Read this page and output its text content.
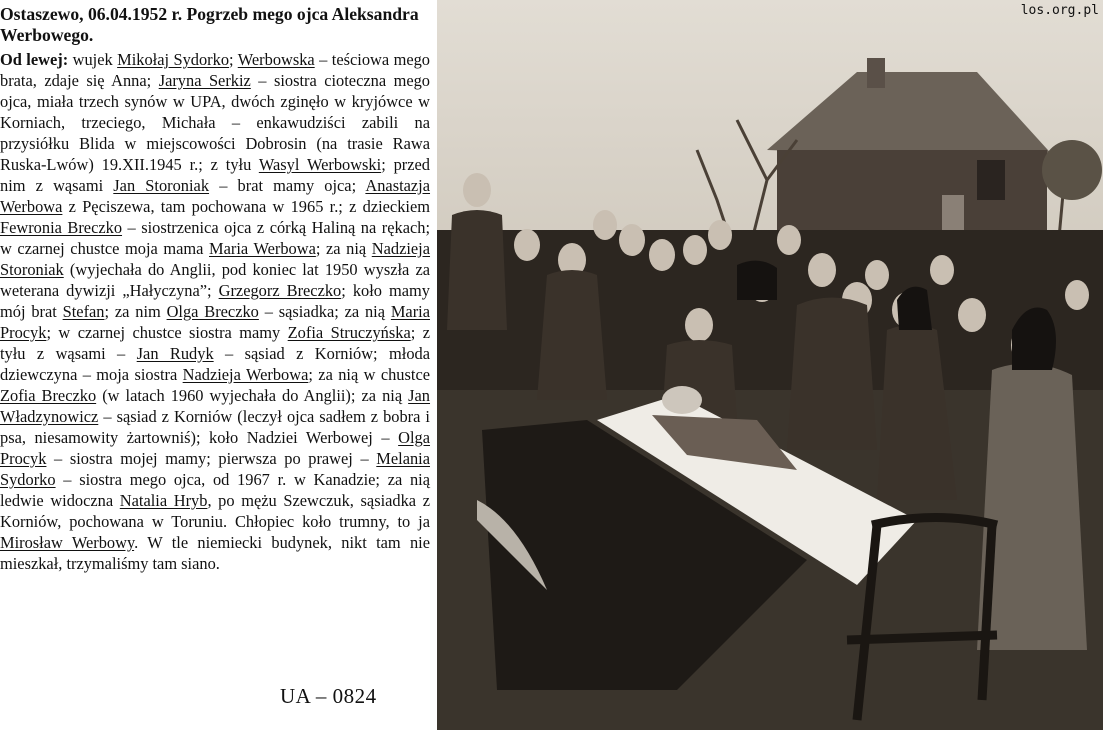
Ostaszewo, 06.04.1952 r. Pogrzeb mego ojca Aleksandra Werbowego.
Od lewej: wujek Mikołaj Sydorko; Werbowska – teściowa mego brata, zdaje się Anna; Jaryna Serkiz – siostra cioteczna mego ojca, miała trzech synów w UPA, dwóch zginęło w kryjówce w Korniach, trzeciego, Michała – enkawudziści zabili na przysiółku Blida w miejscowości Dobrosin (na trasie Rawa Ruska-Lwów) 19.XII.1945 r.; z tyłu Wasyl Werbowski; przed nim z wąsami Jan Storoniak – brat mamy ojca; Anastazja Werbowa z Pęciszewa, tam pochowana w 1965 r.; z dzieckiem Fewronia Breczko – siostrzenica ojca z córką Haliną na rękach; w czarnej chustce moja mama Maria Werbowa; za nią Nadzieja Storoniak (wyjechała do Anglii, pod koniec lat 1950 wyszła za weterana dywizji „Hałyczyna”; Grzegorz Breczko; koło mamy mój brat Stefan; za nim Olga Breczko – sąsiadka; za nią Maria Procyk; w czarnej chustce siostra mamy Zofia Struczyńska; z tyłu z wąsami – Jan Rudyk – sąsiad z Korniów; młoda dziewczyna – moja siostra Nadzieja Werbowa; za nią w chustce Zofia Breczko (w latach 1960 wyjechała do Anglii); za nią Jan Władzynowicz – sąsiad z Korniów (leczył ojca sadłem z bobra i psa, niesamowity żartowniś); koło Nadziei Werbowej – Olga Procyk – siostra mojej mamy; pierwsza po prawej – Melania Sydorko – siostra mego ojca, od 1967 r. w Kanadzie; za nią ledwie widoczna Natalia Hryb, po mężu Szewczuk, sąsiadka z Korniów, pochowana w Toruniu. Chłopiec koło trumny, to ja Mirosław Werbowy. W tle niemiecki budynek, nikt tam nie mieszkał, trzymaliśmy tam siano.
UA – 0824
los.org.pl
